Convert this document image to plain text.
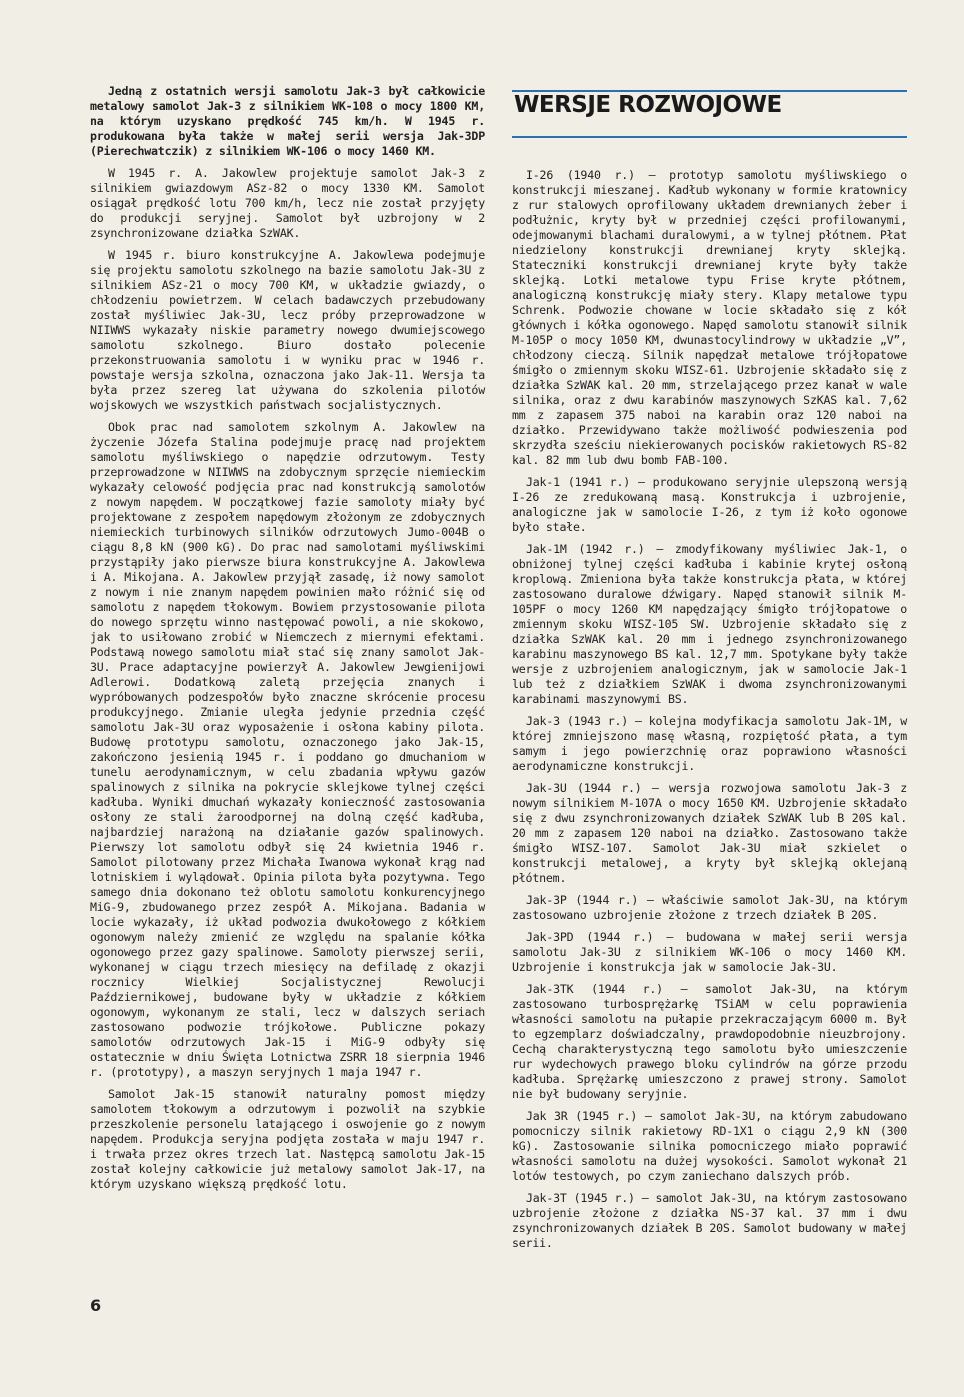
Jedną z ostatnich wersji samolotu Jak-3 był całkowicie metalowy samolot Jak-3 z silnikiem WK-108 o mocy 1800 KM, na którym uzyskano prędkość 745 km/h. W 1945 r. produkowana była także w małej serii wersja Jak-3DP (Pierechwatczik) z silnikiem WK-106 o mocy 1460 KM.

W 1945 r. A. Jakowlew projektuje samolot Jak-3 z silnikiem gwiazdowym ASz-82 o mocy 1330 KM. Samolot osiągał prędkość lotu 700 km/h, lecz nie został przyjęty do produkcji seryjnej. Samolot był uzbrojony w 2 zsynchronizowane działka SzWAK.

W 1945 r. biuro konstrukcyjne A. Jakowlewa podejmuje się projektu samolotu szkolnego na bazie samolotu Jak-3U z silnikiem ASz-21 o mocy 700 KM, w układzie gwiazdy, o chłodzeniu powietrzem. W celach badawczych przebudowany został myśliwiec Jak-3U, lecz próby przeprowadzone w NIIWWS wykazały niskie parametry nowego dwumiejscowego samolotu szkolnego. Biuro dostało polecenie przekonstruowania samolotu i w wyniku prac w 1946 r. powstaje wersja szkolna, oznaczona jako Jak-11. Wersja ta była przez szereg lat używana do szkolenia pilotów wojskowych we wszystkich państwach socjalistycznych.

Obok prac nad samolotem szkolnym A. Jakowlew na życzenie Józefa Stalina podejmuje pracę nad projektem samolotu myśliwskiego o napędzie odrzutowym. Testy przeprowadzone w NIIWWS na zdobycznym sprzęcie niemieckim wykazały celowość podjęcia prac nad konstrukcją samolotów z nowym napędem. W początkowej fazie samoloty miały być projektowane z zespołem napędowym złożonym ze zdobycznych niemieckich turbinowych silników odrzutowych Jumo-004B o ciągu 8,8 kN (900 kG). Do prac nad samolotami myśliwskimi przystąpiły jako pierwsze biura konstrukcyjne A. Jakowlewa i A. Mikojana. A. Jakowlew przyjął zasadę, iż nowy samolot z nowym i nie znanym napędem powinien mało różnić się od samolotu z napędem tłokowym. Bowiem przystosowanie pilota do nowego sprzętu winno następować powoli, a nie skokowo, jak to usiłowano zrobić w Niemczech z miernymi efektami. Podstawą nowego samolotu miał stać się znany samolot Jak-3U. Prace adaptacyjne powierzył A. Jakowlew Jewgienijowi Adlerowi. Dodatkową zaletą przejęcia znanych i wypróbowanych podzespołów było znaczne skrócenie procesu produkcyjnego. Zmianie uległa jedynie przednia część samolotu Jak-3U oraz wyposażenie i osłona kabiny pilota. Budowę prototypu samolotu, oznaczonego jako Jak-15, zakończono jesienią 1945 r. i poddano go dmuchaniom w tunelu aerodynamicznym, w celu zbadania wpływu gazów spalinowych z silnika na pokrycie sklejkowe tylnej części kadłuba. Wyniki dmuchań wykazały konieczność zastosowania osłony ze stali żaroodpornej na dolną część kadłuba, najbardziej narażoną na działanie gazów spalinowych. Pierwszy lot samolotu odbył się 24 kwietnia 1946 r. Samolot pilotowany przez Michała Iwanowa wykonał krąg nad lotniskiem i wylądował. Opinia pilota była pozytywna. Tego samego dnia dokonano też oblotu samolotu konkurencyjnego MiG-9, zbudowanego przez zespół A. Mikojana. Badania w locie wykazały, iż układ podwozia dwukołowego z kółkiem ogonowym należy zmienić ze względu na spalanie kółka ogonowego przez gazy spalinowe. Samoloty pierwszej serii, wykonanej w ciągu trzech miesięcy na defiladę z okazji rocznicy Wielkiej Socjalistycznej Rewolucji Październikowej, budowane były w układzie z kółkiem ogonowym, wykonanym ze stali, lecz w dalszych seriach zastosowano podwozie trójkołowe. Publiczne pokazy samolotów odrzutowych Jak-15 i MiG-9 odbyły się ostatecznie w dniu Święta Lotnictwa ZSRR 18 sierpnia 1946 r. (prototypy), a maszyn seryjnych 1 maja 1947 r.

Samolot Jak-15 stanowił naturalny pomost między samolotem tłokowym a odrzutowym i pozwolił na szybkie przeszkolenie personelu latającego i oswojenie go z nowym napędem. Produkcja seryjna podjęta została w maju 1947 r. i trwała przez okres trzech lat. Następcą samolotu Jak-15 został kolejny całkowicie już metalowy samolot Jak-17, na którym uzyskano większą prędkość lotu.

WERSJE ROZWOJOWE

I-26 (1940 r.) — prototyp samolotu myśliwskiego o konstrukcji mieszanej. Kadłub wykonany w formie kratownicy z rur stalowych oprofilowany układem drewnianych żeber i podłużnic, kryty był w przedniej części profilowanymi, odejmowanymi blachami duralowymi, a w tylnej płótnem. Płat niedzielony konstrukcji drewnianej kryty sklejką. Stateczniki konstrukcji drewnianej kryte były także sklejką. Lotki metalowe typu Frise kryte płótnem, analogiczną konstrukcję miały stery. Klapy metalowe typu Schrenk. Podwozie chowane w locie składało się z kół głównych i kółka ogonowego. Napęd samolotu stanowił silnik M-105P o mocy 1050 KM, dwunastocylindrowy w układzie „V”, chłodzony cieczą. Silnik napędzał metalowe trójłopatowe śmigło o zmiennym skoku WISZ-61. Uzbrojenie składało się z działka SzWAK kal. 20 mm, strzelającego przez kanał w wale silnika, oraz z dwu karabinów maszynowych SzKAS kal. 7,62 mm z zapasem 375 naboi na karabin oraz 120 naboi na działko. Przewidywano także możliwość podwieszenia pod skrzydła sześciu niekierowanych pocisków rakietowych RS-82 kal. 82 mm lub dwu bomb FAB-100.

Jak-1 (1941 r.) — produkowano seryjnie ulepszoną wersją I-26 ze zredukowaną masą. Konstrukcja i uzbrojenie, analogiczne jak w samolocie I-26, z tym iż koło ogonowe było stałe.

Jak-1M (1942 r.) — zmodyfikowany myśliwiec Jak-1, o obniżonej tylnej części kadłuba i kabinie krytej osłoną kroplową. Zmieniona była także konstrukcja płata, w której zastosowano duralowe dźwigary. Napęd stanowił silnik M-105PF o mocy 1260 KM napędzający śmigło trójłopatowe o zmiennym skoku WISZ-105 SW. Uzbrojenie składało się z działka SzWAK kal. 20 mm i jednego zsynchronizowanego karabinu maszynowego BS kal. 12,7 mm. Spotykane były także wersje z uzbrojeniem analogicznym, jak w samolocie Jak-1 lub też z działkiem SzWAK i dwoma zsynchronizowanymi karabinami maszynowymi BS.

Jak-3 (1943 r.) — kolejna modyfikacja samolotu Jak-1M, w której zmniejszono masę własną, rozpiętość płata, a tym samym i jego powierzchnię oraz poprawiono własności aerodynamiczne konstrukcji.

Jak-3U (1944 r.) — wersja rozwojowa samolotu Jak-3 z nowym silnikiem M-107A o mocy 1650 KM. Uzbrojenie składało się z dwu zsynchronizowanych działek SzWAK lub B 20S kal. 20 mm z zapasem 120 naboi na działko. Zastosowano także śmigło WISZ-107. Samolot Jak-3U miał szkielet o konstrukcji metalowej, a kryty był sklejką oklejaną płótnem.

Jak-3P (1944 r.) — właściwie samolot Jak-3U, na którym zastosowano uzbrojenie złożone z trzech działek B 20S.

Jak-3PD (1944 r.) — budowana w małej serii wersja samolotu Jak-3U z silnikiem WK-106 o mocy 1460 KM. Uzbrojenie i konstrukcja jak w samolocie Jak-3U.

Jak-3TK (1944 r.) — samolot Jak-3U, na którym zastosowano turbosprężarkę TSiAM w celu poprawienia własności samolotu na pułapie przekraczającym 6000 m. Był to egzemplarz doświadczalny, prawdopodobnie nieuzbrojony. Cechą charakterystyczną tego samolotu było umieszczenie rur wydechowych prawego bloku cylindrów na górze przodu kadłuba. Sprężarkę umieszczono z prawej strony. Samolot nie był budowany seryjnie.

Jak 3R (1945 r.) — samolot Jak-3U, na którym zabudowano pomocniczy silnik rakietowy RD-1X1 o ciągu 2,9 kN (300 kG). Zastosowanie silnika pomocniczego miało poprawić własności samolotu na dużej wysokości. Samolot wykonał 21 lotów testowych, po czym zaniechano dalszych prób.

Jak-3T (1945 r.) — samolot Jak-3U, na którym zastosowano uzbrojenie złożone z działka NS-37 kal. 37 mm i dwu zsynchronizowanych działek B 20S. Samolot budowany w małej serii.

6
